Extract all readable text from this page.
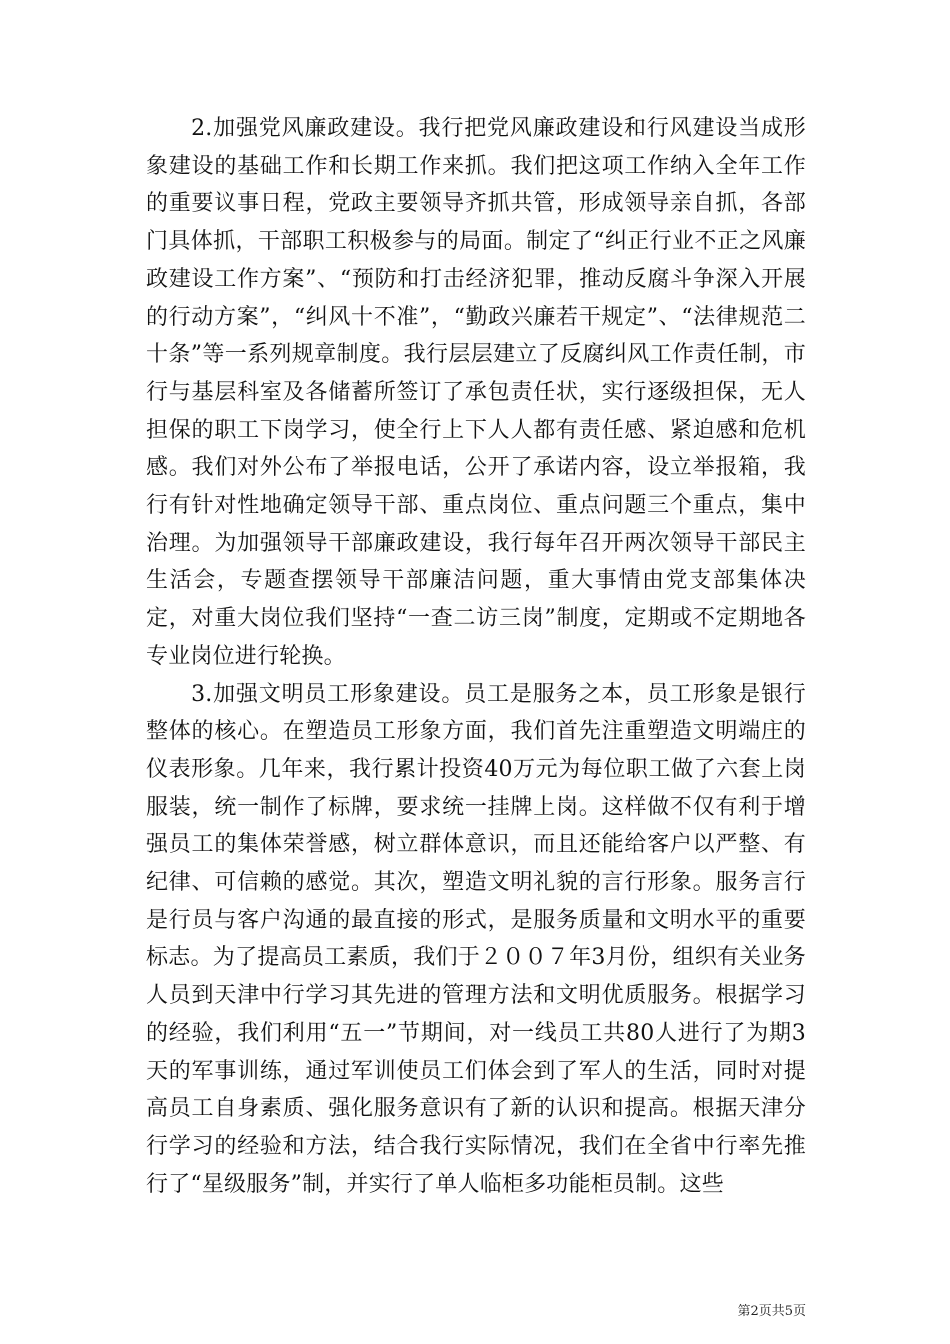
2.加强党风廉政建设。我行把党风廉政建设和行风建设当成形象建设的基础工作和长期工作来抓。我们把这项工作纳入全年工作的重要议事日程，党政主要领导齐抓共管，形成领导亲自抓，各部门具体抓，干部职工积极参与的局面。制定了“纠正行业不正之风廉政建设工作方案”、“预防和打击经济犯罪，推动反腐斗争深入开展的行动方案”，“纠风十不准”，“勤政兴廉若干规定”、“法律规范二十条”等一系列规章制度。我行层层建立了反腐纠风工作责任制，市行与基层科室及各储蓄所签订了承包责任状，实行逐级担保，无人担保的职工下岗学习，使全行上下人人都有责任感、紧迫感和危机感。我们对外公布了举报电话，公开了承诺内容，设立举报箱，我行有针对性地确定领导干部、重点岗位、重点问题三个重点，集中治理。为加强领导干部廉政建设，我行每年召开两次领导干部民主生活会，专题查摆领导干部廉洁问题，重大事情由党支部集体决定，对重大岗位我们坚持“一查二访三岗”制度，定期或不定期地各专业岗位进行轮换。

3.加强文明员工形象建设。员工是服务之本，员工形象是银行整体的核心。在塑造员工形象方面，我们首先注重塑造文明端庄的仪表形象。几年来，我行累计投资40万元为每位职工做了六套上岗服装，统一制作了标牌，要求统一挂牌上岗。这样做不仅有利于增强员工的集体荣誉感，树立群体意识，而且还能给客户以严整、有纪律、可信赖的感觉。其次，塑造文明礼貌的言行形象。服务言行是行员与客户沟通的最直接的形式，是服务质量和文明水平的重要标志。为了提高员工素质，我们于２００７年3月份，组织有关业务人员到天津中行学习其先进的管理方法和文明优质服务。根据学习的经验，我们利用“五一”节期间，对一线员工共80人进行了为期3天的军事训练，通过军训使员工们体会到了军人的生活，同时对提高员工自身素质、强化服务意识有了新的认识和提高。根据天津分行学习的经验和方法，结合我行实际情况，我们在全省中行率先推行了“星级服务”制，并实行了单人临柜多功能柜员制。这些

第2页共5页
